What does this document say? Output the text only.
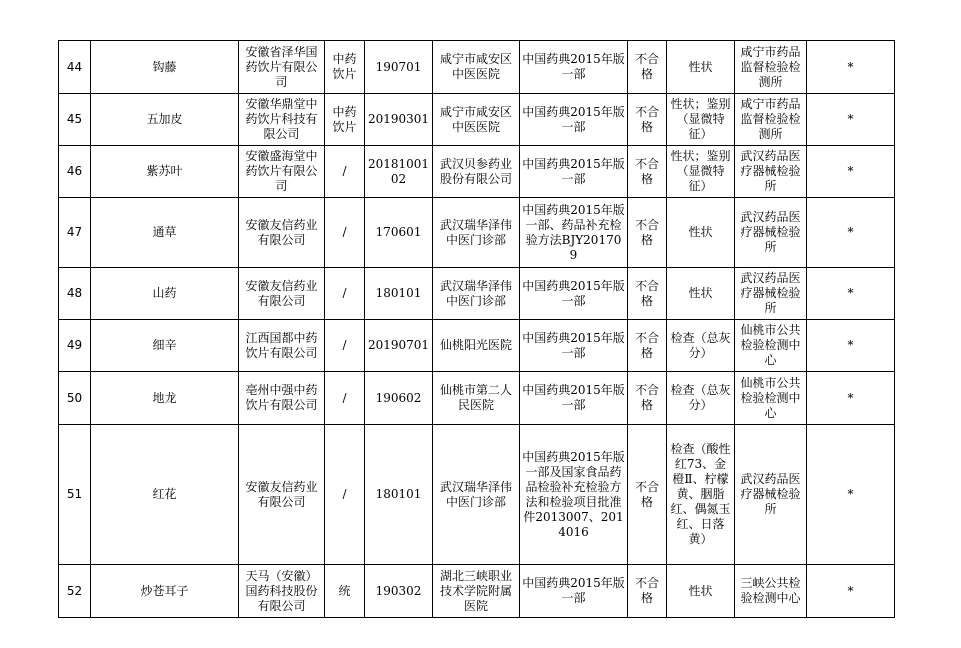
44	钩藤	安徽省泽华国药饮片有限公司	中药饮片	190701	咸宁市咸安区中医医院	中国药典2015年版一部	不合格	性状	咸宁市药品监督检验检测所	*
45	五加皮	安徽华鼎堂中药饮片科技有限公司	中药饮片	20190301	咸宁市咸安区中医医院	中国药典2015年版一部	不合格	性状；鉴别（显微特征）	咸宁市药品监督检验检测所	*
46	紫苏叶	安徽盛海堂中药饮片有限公司	/	2018100102	武汉贝参药业股份有限公司	中国药典2015年版一部	不合格	性状；鉴别（显微特征）	武汉药品医疗器械检验所	*
47	通草	安徽友信药业有限公司	/	170601	武汉瑞华泽伟中医门诊部	中国药典2015年版一部、药品补充检验方法BJY201709	不合格	性状	武汉药品医疗器械检验所	*
48	山药	安徽友信药业有限公司	/	180101	武汉瑞华泽伟中医门诊部	中国药典2015年版一部	不合格	性状	武汉药品医疗器械检验所	*
49	细辛	江西国都中药饮片有限公司	/	20190701	仙桃阳光医院	中国药典2015年版一部	不合格	检查（总灰分）	仙桃市公共检验检测中心	*
50	地龙	亳州中强中药饮片有限公司	/	190602	仙桃市第二人民医院	中国药典2015年版一部	不合格	检查（总灰分）	仙桃市公共检验检测中心	*
51	红花	安徽友信药业有限公司	/	180101	武汉瑞华泽伟中医门诊部	中国药典2015年版一部及国家食品药品检验补充检验方法和检验项目批准件2013007、2014016	不合格	检查（酸性红73、金橙Ⅱ、柠檬黄、胭脂红、偶氮玉红、日落黄）	武汉药品医疗器械检验所	*
52	炒苍耳子	天马（安徽）国药科技股份有限公司	统	190302	湖北三峡职业技术学院附属医院	中国药典2015年版一部	不合格	性状	三峡公共检验检测中心	*
